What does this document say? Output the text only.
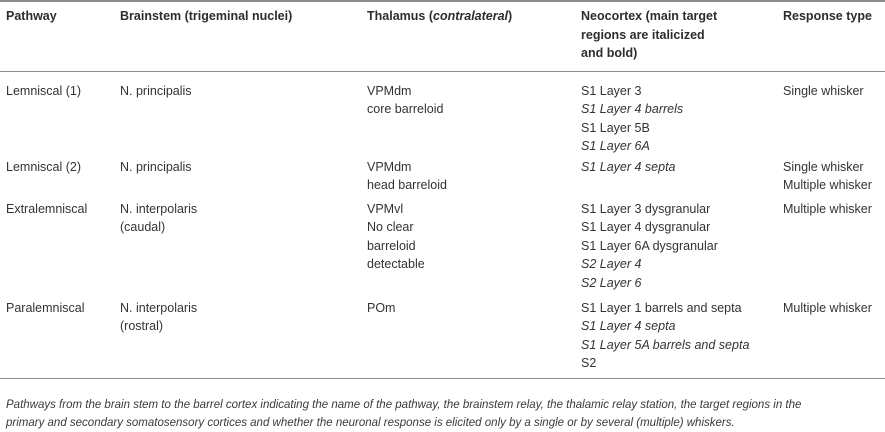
Pathway	Brainstem (trigeminal nuclei)	Thalamus (contralateral)	Neocortex (main target
regions are italicized
and bold)	Response type
Lemniscal (1)	N. principalis	VPMdm
core barreloid	S1 Layer 3
S1 Layer 4 barrels
S1 Layer 5B
S1 Layer 6A	Single whisker

Lemniscal (2)	N. principalis	VPMdm
head barreloid	S1 Layer 4 septa	Single whisker
Multiple whisker

Extralemniscal	N. interpolaris
(caudal)	VPMvl
No clear
barreloid
detectable	S1 Layer 3 dysgranular
S1 Layer 4 dysgranular
S1 Layer 6A dysgranular
S2 Layer 4
S2 Layer 6	Multiple whisker

Paralemniscal	N. interpolaris
(rostral)	POm	S1 Layer 1 barrels and septa
S1 Layer 4 septa
S1 Layer 5A barrels and septa
S2	Multiple whisker
Pathways from the brain stem to the barrel cortex indicating the name of the pathway, the brainstem relay, the thalamic relay station, the target regions in the
primary and secondary somatosensory cortices and whether the neuronal response is elicited only by a single or by several (multiple) whiskers.
